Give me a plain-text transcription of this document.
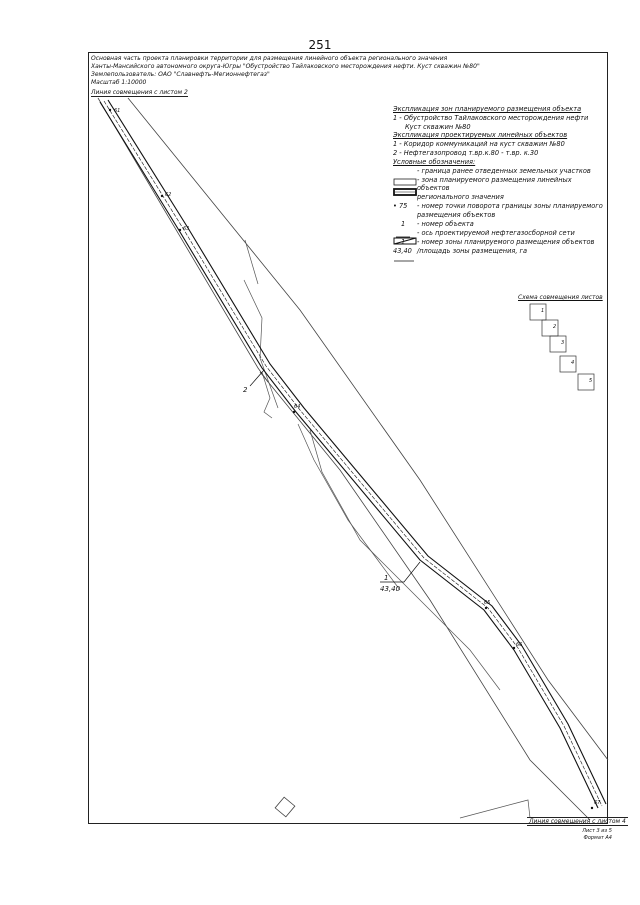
251
Основная часть проекта планировки территории для размещения линейного объекта регионального значения
Ханты-Мансийского автономного округа-Югры "Обустройство Тайлаковского месторождения нефти. Куст скважин №80"
Землепользователь: ОАО "Славнефть-Мегионнефтегаз"
Масштаб 1:10000
Линия совмещения с листом 2
2
1
43,40
61
62
63
64
65
66
67
Экспликация зон планируемого размещения объекта
1 - Обустройство Тайлаковского месторождения нефти
Куст скважин №80
Экспликация проектируемых линейных объектов
1 - Коридор коммуникаций на куст скважин №80
2 - Нефтегазопровод т.вр.к.80 - т.вр. к.30
Условные обозначения:
- граница ранее отведенных земельных участков
- зона планируемого размещения линейных объектов
регионального значения
• 75	- номер точки поворота границы зоны планируемого
размещения объектов
1	- номер объекта
- ось проектируемой нефтегазосборной сети
1	- номер зоны планируемого размещения объектов
43,40 /площадь зоны размещения, га
Схема совмещения листов
1
2
3
4
5
Линия совмещения с листом 4
Лист 3 из 5
Формат А4
